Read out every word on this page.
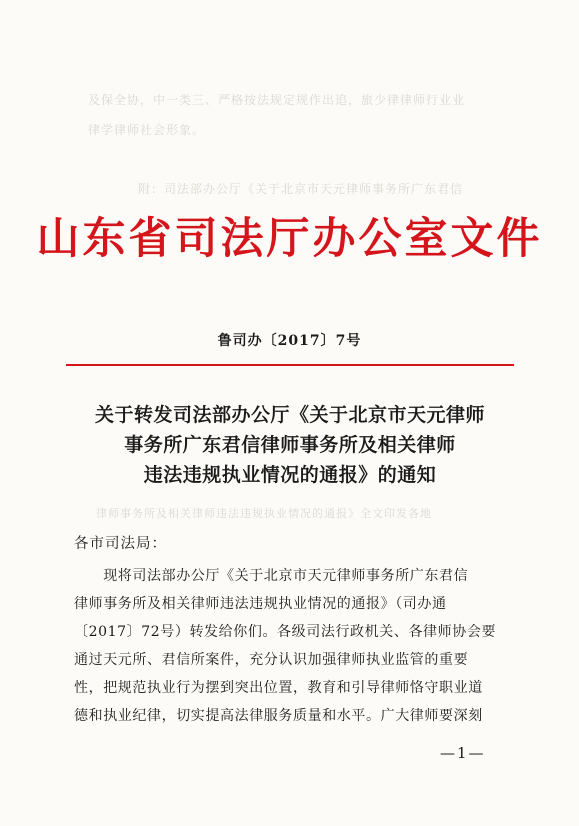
及保全协，中一类三、严格按法规定规作出追，旅少律律师行业业
律学律师社会形象。
附：司法部办公厅《关于北京市天元律师事务所广东君信
律师事务所及相关律师违法违规执业情况的通报》全文印发各地
山东省司法厅办公室文件
鲁司办〔2017〕7号
关于转发司法部办公厅《关于北京市天元律师
事务所广东君信律师事务所及相关律师
违法违规执业情况的通报》的通知
各市司法局：
　　现将司法部办公厅《关于北京市天元律师事务所广东君信
律师事务所及相关律师违法违规执业情况的通报》（司办通
〔2017〕72号）转发给你们。各级司法行政机关、各律师协会要
通过天元所、君信所案件，充分认识加强律师执业监管的重要
性，把规范执业行为摆到突出位置，教育和引导律师恪守职业道
德和执业纪律，切实提高法律服务质量和水平。广大律师要深刻
—1—
